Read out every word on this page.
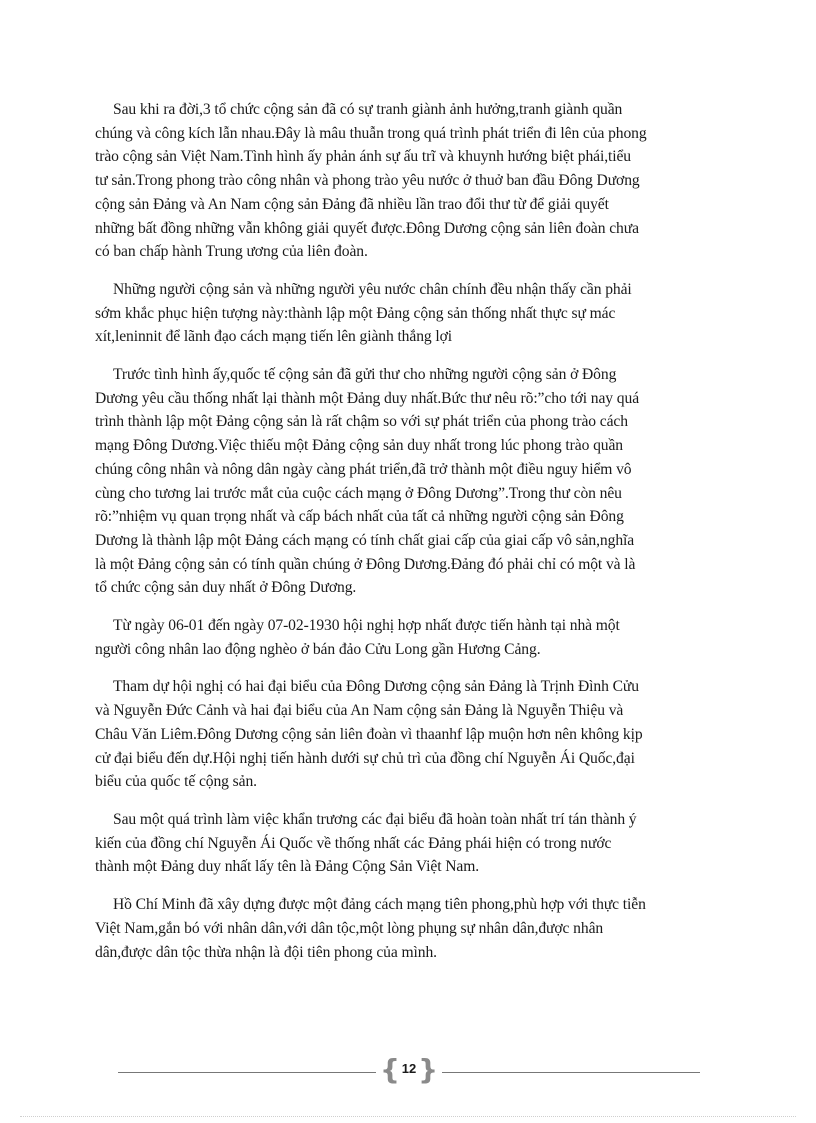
Sau khi ra đời,3 tổ chức cộng sản đã có sự tranh giành ảnh hưởng,tranh giành quần
chúng và công kích lẫn nhau.Đây là mâu thuẫn trong quá trình phát triển đi lên của phong
trào cộng sản Việt Nam.Tình hình ấy phản ánh sự ấu trĩ và khuynh hướng biệt phái,tiểu
tư sản.Trong phong trào công nhân và phong trào yêu nước ở thuở ban đầu Đông Dương
cộng sản Đảng và An Nam cộng sản Đảng đã nhiều lần trao đổi thư từ để giải quyết
những bất đồng những vẫn không giải quyết được.Đông Dương cộng sản liên đoàn chưa
có ban chấp hành Trung ương của liên đoàn.

Những người cộng sản và những người yêu nước chân chính đều nhận thấy cần phải
sớm khắc phục hiện tượng này:thành lập một Đảng cộng sản thống nhất thực sự mác
xít,leninnit để lãnh đạo cách mạng tiến lên giành thắng lợi

Trước tình hình ấy,quốc tế cộng sản đã gửi thư cho những người cộng sản ở Đông
Dương yêu cầu thống nhất lại thành một Đảng duy nhất.Bức thư nêu rõ:”cho tới nay quá
trình thành lập một Đảng cộng sản là rất chậm so với sự phát triển của phong trào cách
mạng Đông Dương.Việc thiếu một Đảng cộng sản duy nhất trong lúc phong trào quần
chúng công nhân và nông dân ngày càng phát triển,đã trở thành một điều nguy hiểm vô
cùng cho tương lai trước mắt của cuộc cách mạng ở Đông Dương”.Trong thư còn nêu
rõ:”nhiệm vụ quan trọng nhất và cấp bách nhất của tất cả những người cộng sản Đông
Dương là thành lập một Đảng cách mạng có tính chất giai cấp của giai cấp vô sản,nghĩa
là một Đảng cộng sản có tính quần chúng ở Đông Dương.Đảng đó phải chỉ có một và là
tổ chức cộng sản duy nhất ở Đông Dương.

Từ ngày 06-01 đến ngày 07-02-1930 hội nghị hợp nhất được tiến hành tại nhà một
người công nhân lao động nghèo ở bán đảo Cửu Long gần Hương Cảng.

Tham dự hội nghị có hai đại biểu của Đông Dương cộng sản Đảng là Trịnh Đình Cửu
và Nguyễn Đức Cảnh và hai đại biểu của An Nam cộng sản Đảng là Nguyễn Thiệu và
Châu Văn Liêm.Đông Dương cộng sản liên đoàn vì thaanhf lập muộn hơn nên không kịp
cử đại biểu đến dự.Hội nghị tiến hành dưới sự chủ trì của đồng chí Nguyễn Ái Quốc,đại
biểu của quốc tế cộng sản.

Sau một quá trình làm việc khẩn trương các đại biểu đã hoàn toàn nhất trí tán thành ý
kiến của đồng chí Nguyễn Ái Quốc về thống nhất các Đảng phái hiện có trong nước
thành một Đảng duy nhất lấy tên là Đảng Cộng Sản Việt Nam.

Hồ Chí Minh đã xây dựng được một đảng cách mạng tiên phong,phù hợp với thực tiễn
Việt Nam,gắn bó với nhân dân,với dân tộc,một lòng phụng sự nhân dân,được nhân
dân,được dân tộc thừa nhận là đội tiên phong của mình.

{ 12 }
